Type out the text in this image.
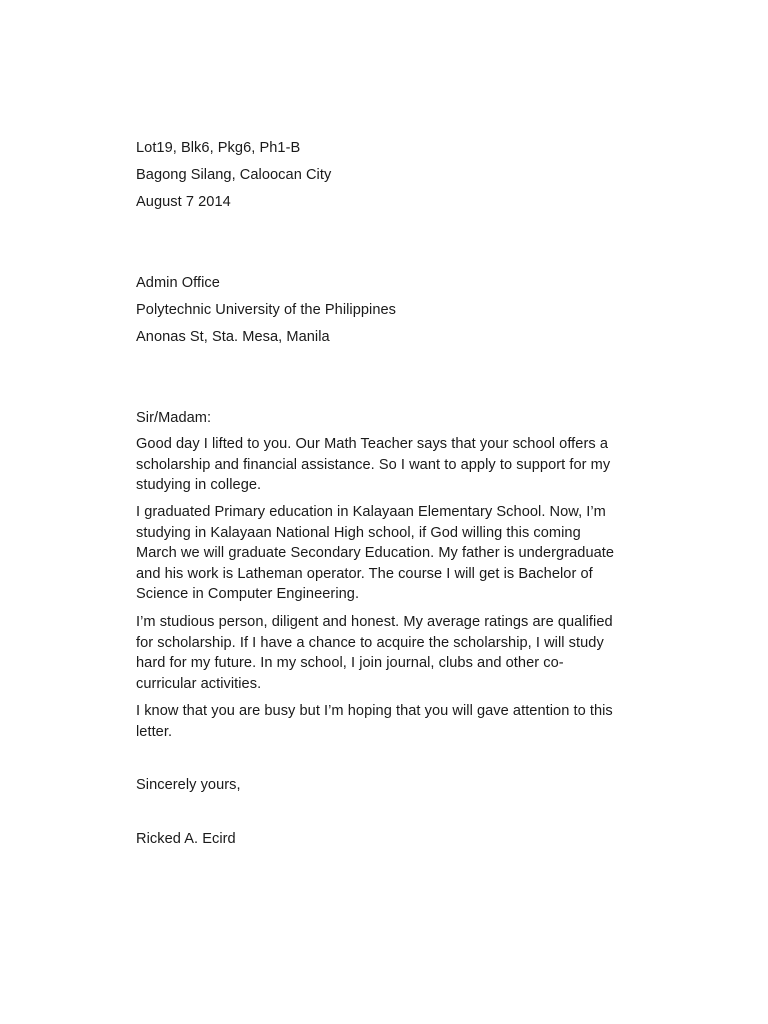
Lot19, Blk6, Pkg6, Ph1-B
Bagong Silang, Caloocan City
August 7 2014
Admin Office
Polytechnic University of the Philippines
Anonas St, Sta. Mesa, Manila
Sir/Madam:
Good day I lifted to you. Our Math Teacher says that your school offers a
scholarship and financial assistance. So I want to apply to support for my
studying in college.
I graduated Primary education in Kalayaan Elementary School. Now, I’m
studying in Kalayaan National High school, if God willing this coming
March we will graduate Secondary Education. My father is undergraduate
and his work is Latheman operator. The course I will get is Bachelor of
Science in Computer Engineering.
I’m studious person, diligent and honest. My average ratings are qualified
for scholarship. If I have a chance to acquire the scholarship, I will study
hard for my future. In my school, I join journal, clubs and other co-
curricular activities.
I know that you are busy but I’m hoping that you will gave attention to this
letter.
Sincerely yours,
Ricked A. Ecird
